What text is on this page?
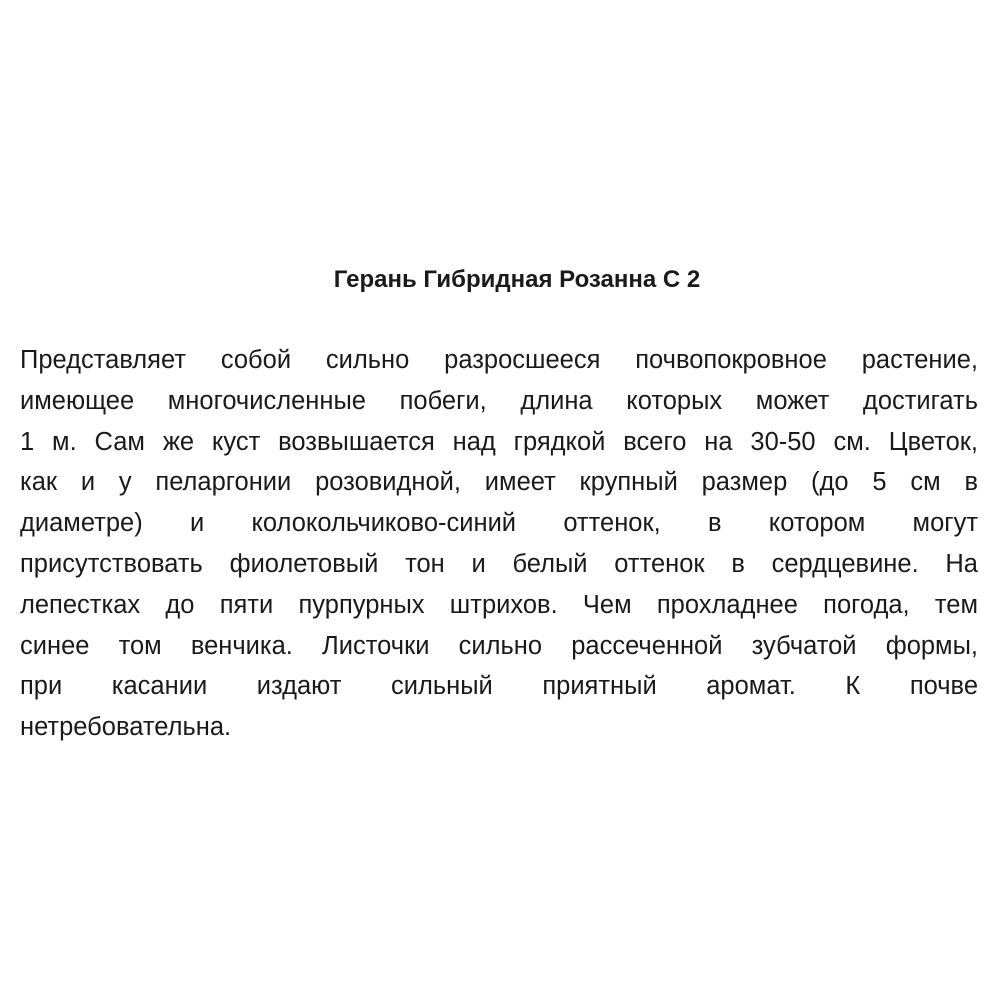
Герань Гибридная Розанна С 2

Представляет собой сильно разросшееся почвопокровное растение,
имеющее многочисленные побеги, длина которых может достигать
1 м. Сам же куст возвышается над грядкой всего на 30-50 см. Цветок,
как и у пеларгонии розовидной, имеет крупный размер (до 5 см в
диаметре) и колокольчиково-синий оттенок, в котором могут
присутствовать фиолетовый тон и белый оттенок в сердцевине. На
лепестках до пяти пурпурных штрихов. Чем прохладнее погода, тем
синее том венчика. Листочки сильно рассеченной зубчатой формы,
при касании издают сильный приятный аромат. К почве
нетребовательна.
